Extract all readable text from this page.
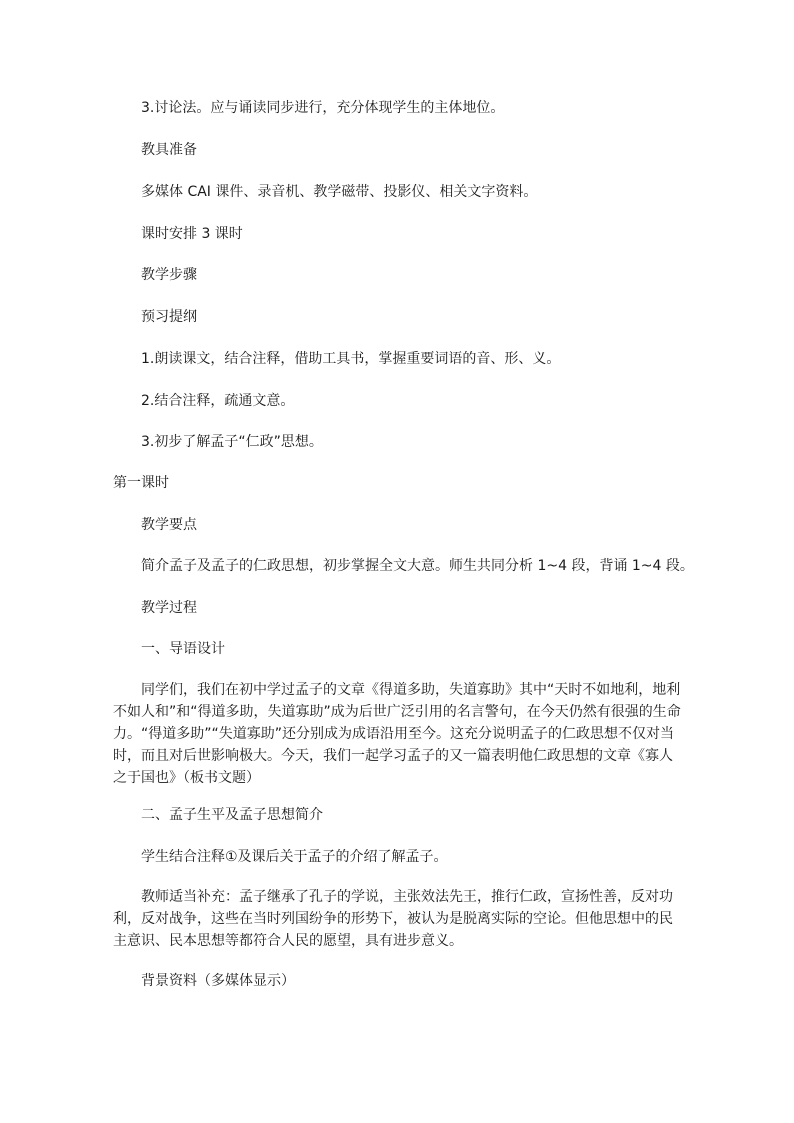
3.讨论法。应与诵读同步进行，充分体现学生的主体地位。

教具准备

多媒体 CAI 课件、录音机、教学磁带、投影仪、相关文字资料。

课时安排 3 课时

教学步骤

预习提纲

1.朗读课文，结合注释，借助工具书，掌握重要词语的音、形、义。

2.结合注释，疏通文意。

3.初步了解孟子“仁政”思想。

第一课时

教学要点

简介孟子及孟子的仁政思想，初步掌握全文大意。师生共同分析 1~4 段，背诵 1~4 段。

教学过程

一、导语设计

同学们，我们在初中学过孟子的文章《得道多助，失道寡助》其中“天时不如地利，地利不如人和”和“得道多助，失道寡助”成为后世广泛引用的名言警句，在今天仍然有很强的生命力。“得道多助”“失道寡助”还分别成为成语沿用至今。这充分说明孟子的仁政思想不仅对当时，而且对后世影响极大。今天，我们一起学习孟子的又一篇表明他仁政思想的文章《寡人之于国也》（板书文题）

二、孟子生平及孟子思想简介

学生结合注释①及课后关于孟子的介绍了解孟子。

教师适当补充：孟子继承了孔子的学说，主张效法先王，推行仁政，宣扬性善，反对功利，反对战争，这些在当时列国纷争的形势下，被认为是脱离实际的空论。但他思想中的民主意识、民本思想等都符合人民的愿望，具有进步意义。

背景资料（多媒体显示）
